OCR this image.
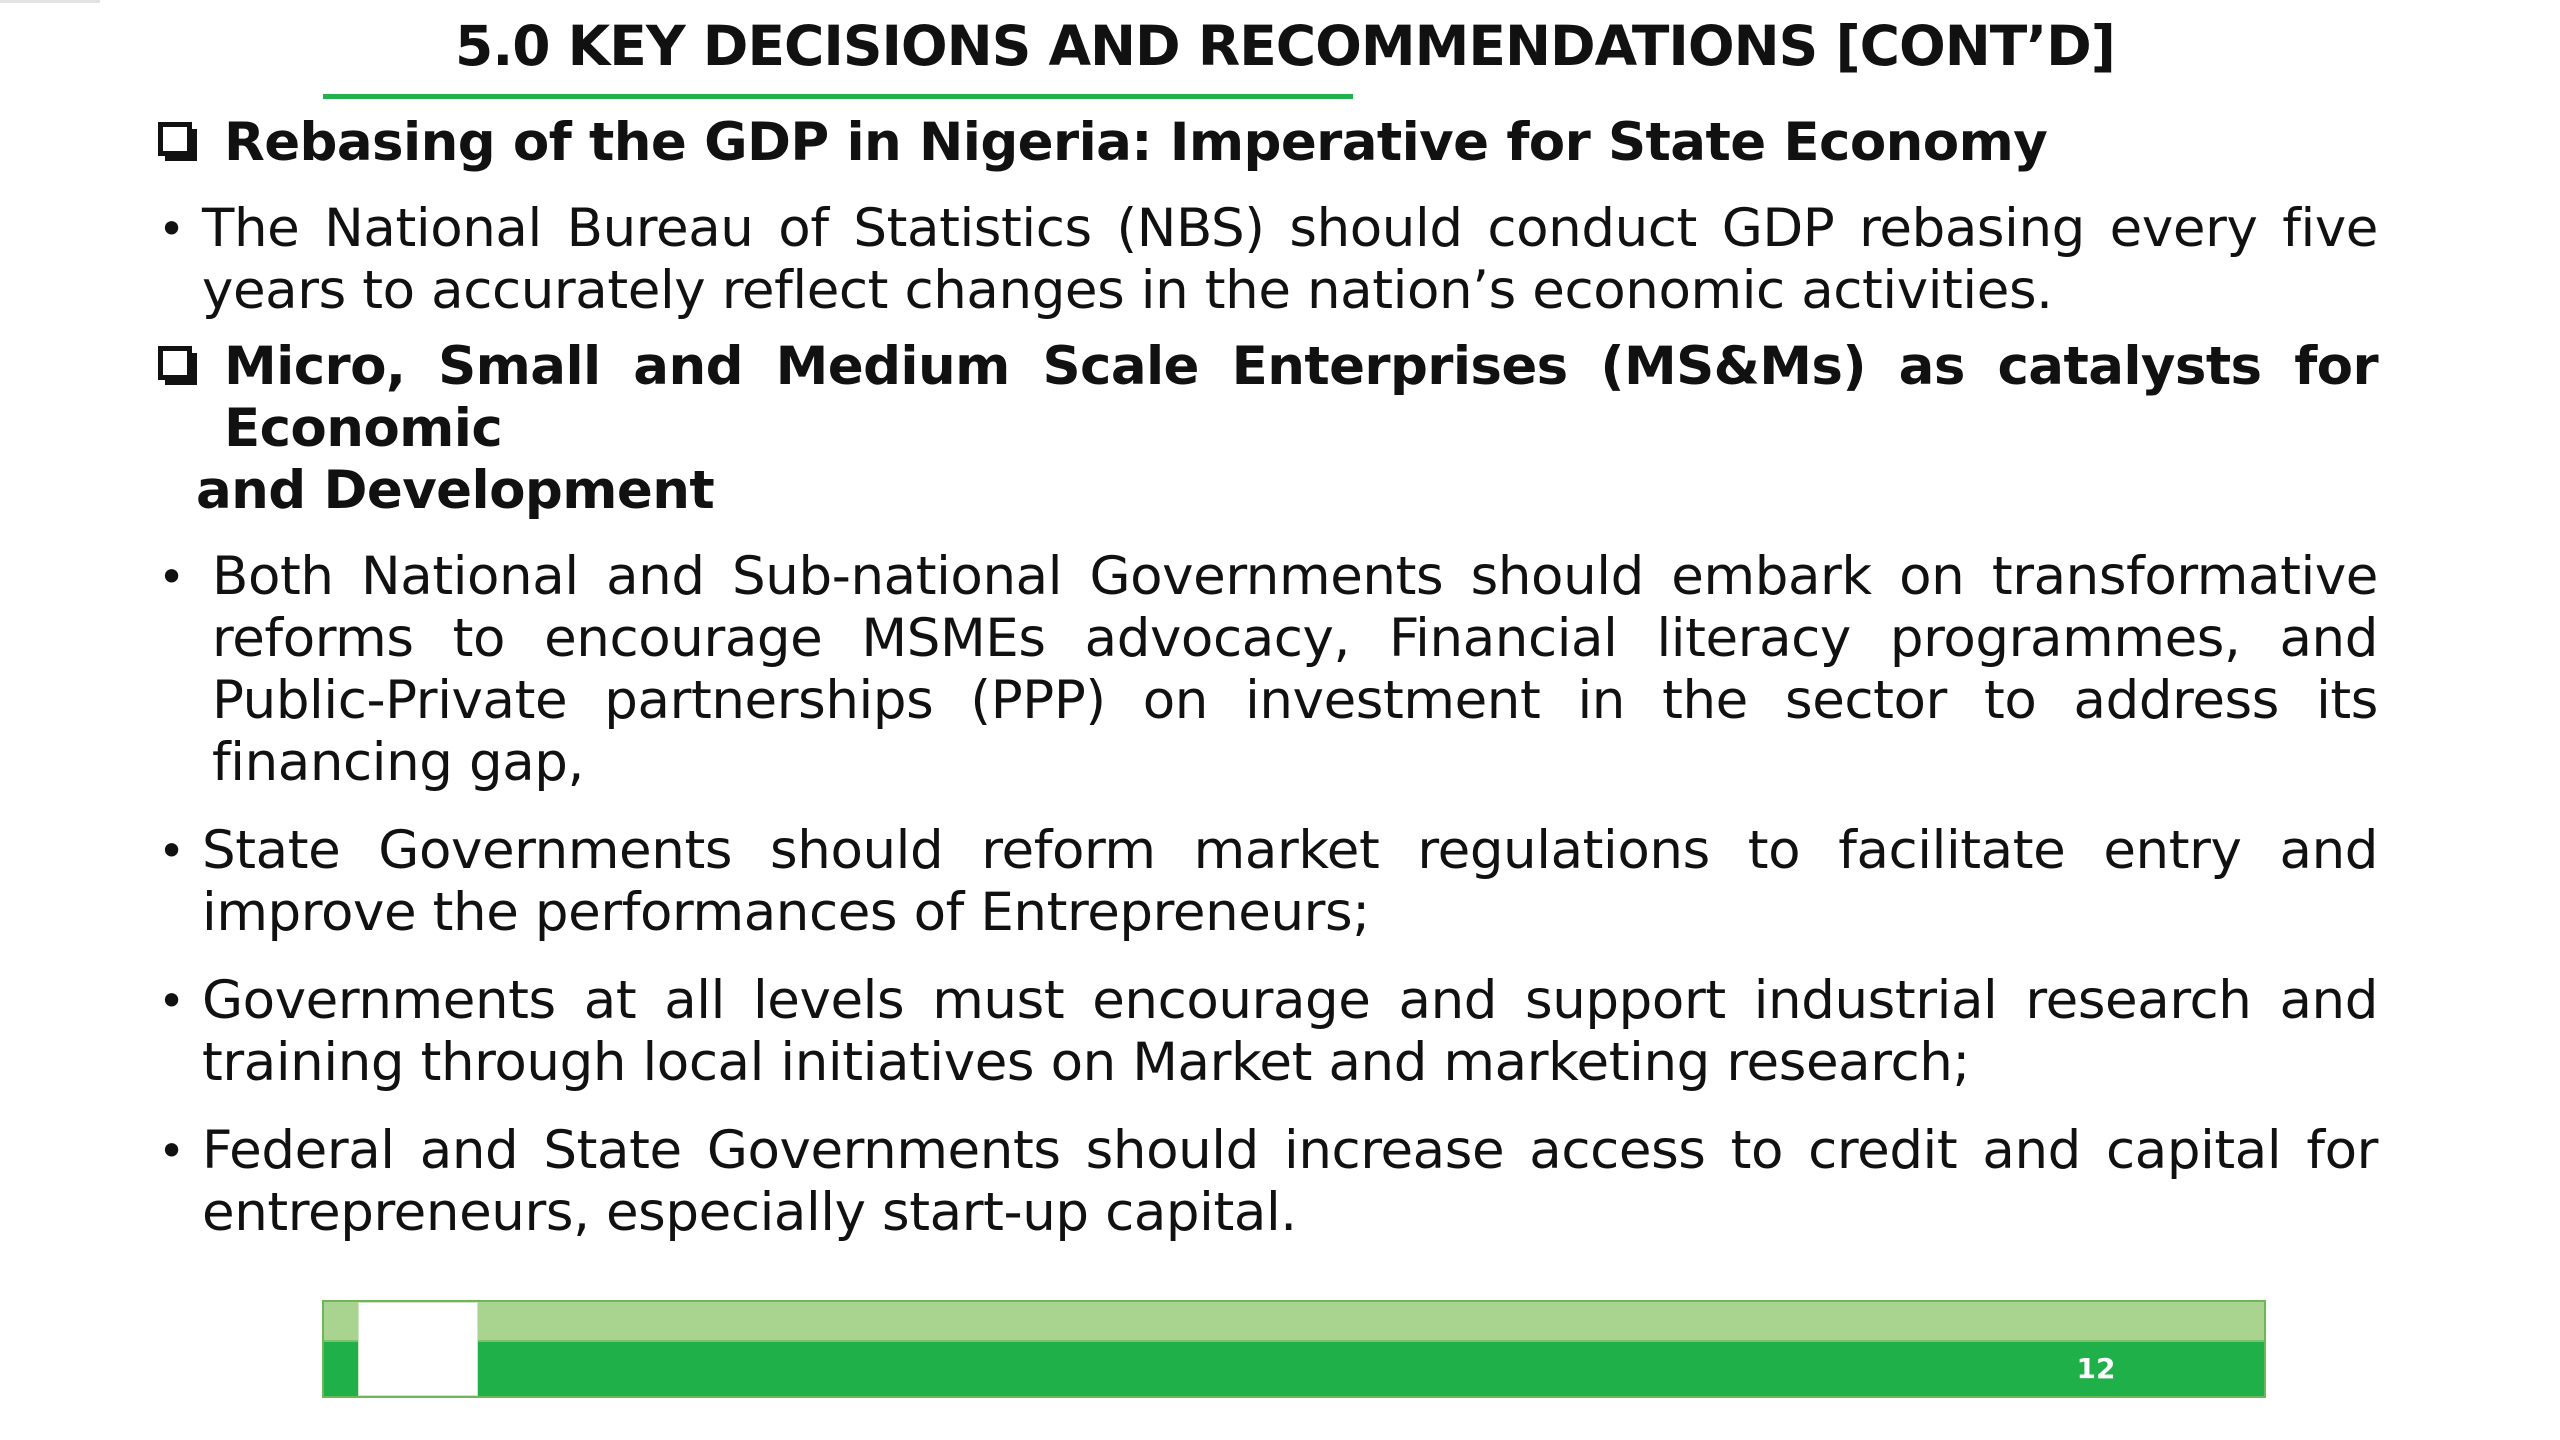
5.0 KEY DECISIONS AND RECOMMENDATIONS [CONT’D]

Rebasing of the GDP in Nigeria: Imperative for State Economy

• The National Bureau of Statistics (NBS) should conduct GDP rebasing every five years to accurately reflect changes in the nation’s economic activities.

Micro, Small and Medium Scale Enterprises (MS&Ms) as catalysts for Economic
and Development

• Both National and Sub-national Governments should embark on transformative reforms to encourage MSMEs advocacy, Financial literacy programmes, and Public-Private partnerships (PPP) on investment in the sector to address its financing gap,

• State Governments should reform market regulations to facilitate entry and improve the performances of Entrepreneurs;

• Governments at all levels must encourage and support industrial research and training through local initiatives on Market and marketing research;

• Federal and State Governments should increase access to credit and capital for entrepreneurs, especially start-up capital.

12
